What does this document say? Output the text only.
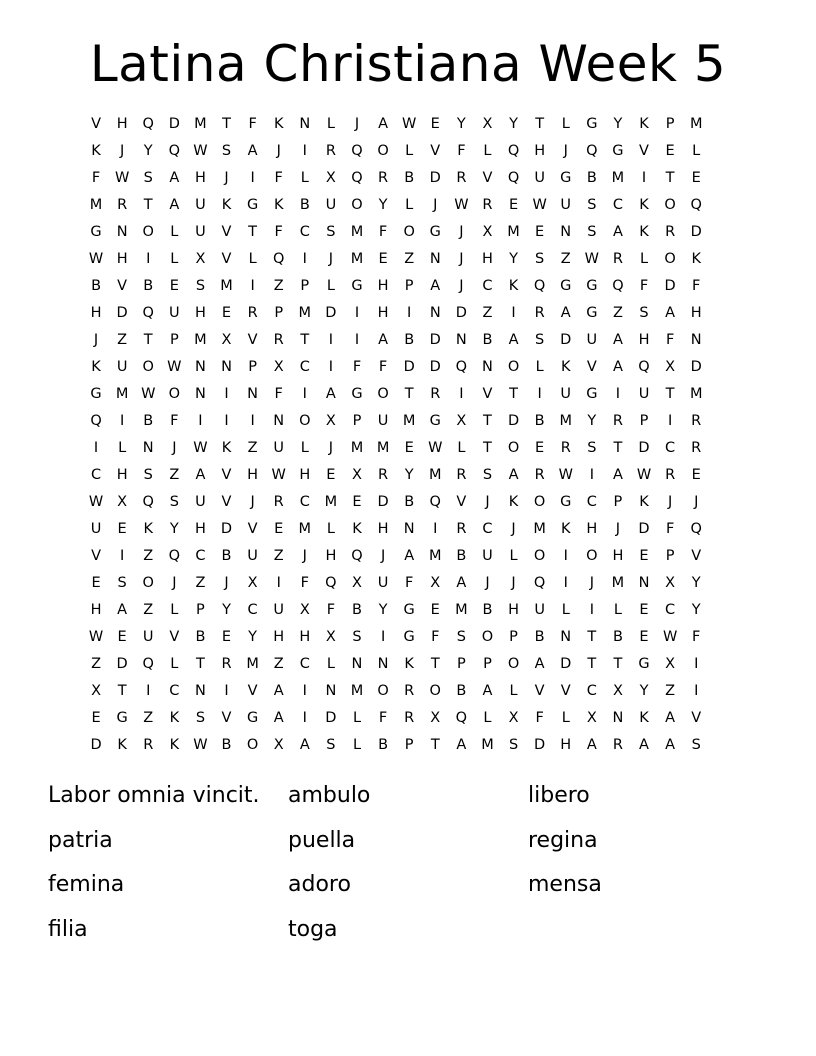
Latina Christiana Week 5
V	H	Q	D M	T	F	K	N	L	J	A W E	Y	X	Y	T	L	G	Y	K	P	M
K	J	Y	Q W S	A	J	I	R	Q	O	L	V	F	L	Q	H	J	Q	G	V	E	L
F	W S	A	H	J	I	F	L	X	Q	R	B	D	R	V	Q	U	G	B	M	I	T	E
M	R	T	A	U	K	G	K	B	U	O	Y	L	J	W R	E W U	S	C	K	O	Q
G	N	O	L	U	V	T	F	C	S	M	F	O	G	J	X	M	E	N	S	A	K	R	D
W H	I	L	X	V	L	Q	I	J	M	E	Z	N	J	H	Y	S	Z W R	L	O	K
B	V	B	E	S	M	I	Z	P	L	G	H	P	A	J	C	K	Q	G	G	Q	F	D	F
H	D	Q	U	H	E	R	P	M D	I	H	I	N	D	Z	I	R	A	G	Z	S	A	H
J	Z	T	P	M	X	V	R	T	I	I	A	B	D	N	B	A	S	D	U	A	H	F	N
K	U	O W N	N	P	X	C	I	F	F	D	D	Q	N	O	L	K	V	A	Q	X	D
G M W O	N	I	N	F	I	A	G	O	T	R	I	V	T	I	U	G	I	U	T	M
Q	I	B	F	I	I	I	N	O	X	P	U	M G	X	T	D	B	M	Y	R	P	I	R
I	L	N	J	W K	Z	U	L	J	M M	E W	L	T	O	E	R	S	T	D	C	R
C	H	S	Z	A	V	H W H	E	X	R	Y	M	R	S	A	R W	I	A W R	E
W X	Q	S	U	V	J	R	C	M	E	D	B	Q	V	J	K	O	G	C	P	K	J	J
U	E	K	Y	H	D	V	E	M	L	K	H	N	I	R	C	J	M	K	H	J	D	F	Q
V	I	Z	Q	C	B	U	Z	J	H	Q	J	A	M	B	U	L	O	I	O	H	E	P	V
E	S	O	J	Z	J	X	I	F	Q	X	U	F	X	A	J	J	Q	I	J	M N	X	Y
H	A	Z	L	P	Y	C	U	X	F	B	Y	G	E	M	B	H	U	L	I	L	E	C	Y
W E	U	V	B	E	Y	H	H	X	S	I	G	F	S	O	P	B	N	T	B	E W	F
Z	D	Q	L	T	R	M	Z	C	L	N	N	K	T	P	P	O	A	D	T	T	G	X	I
X	T	I	C	N	I	V	A	I	N M O	R	O	B	A	L	V	V	C	X	Y	Z	I
E	G	Z	K	S	V	G	A	I	D	L	F	R	X	Q	L	X	F	L	X	N	K	A	V
D	K	R	K W B	O	X	A	S	L	B	P	T	A	M	S	D	H	A	R	A	A	S
Labor omnia vincit.	ambulo	libero
patria	puella	regina
femina	adoro	mensa
filia	toga
